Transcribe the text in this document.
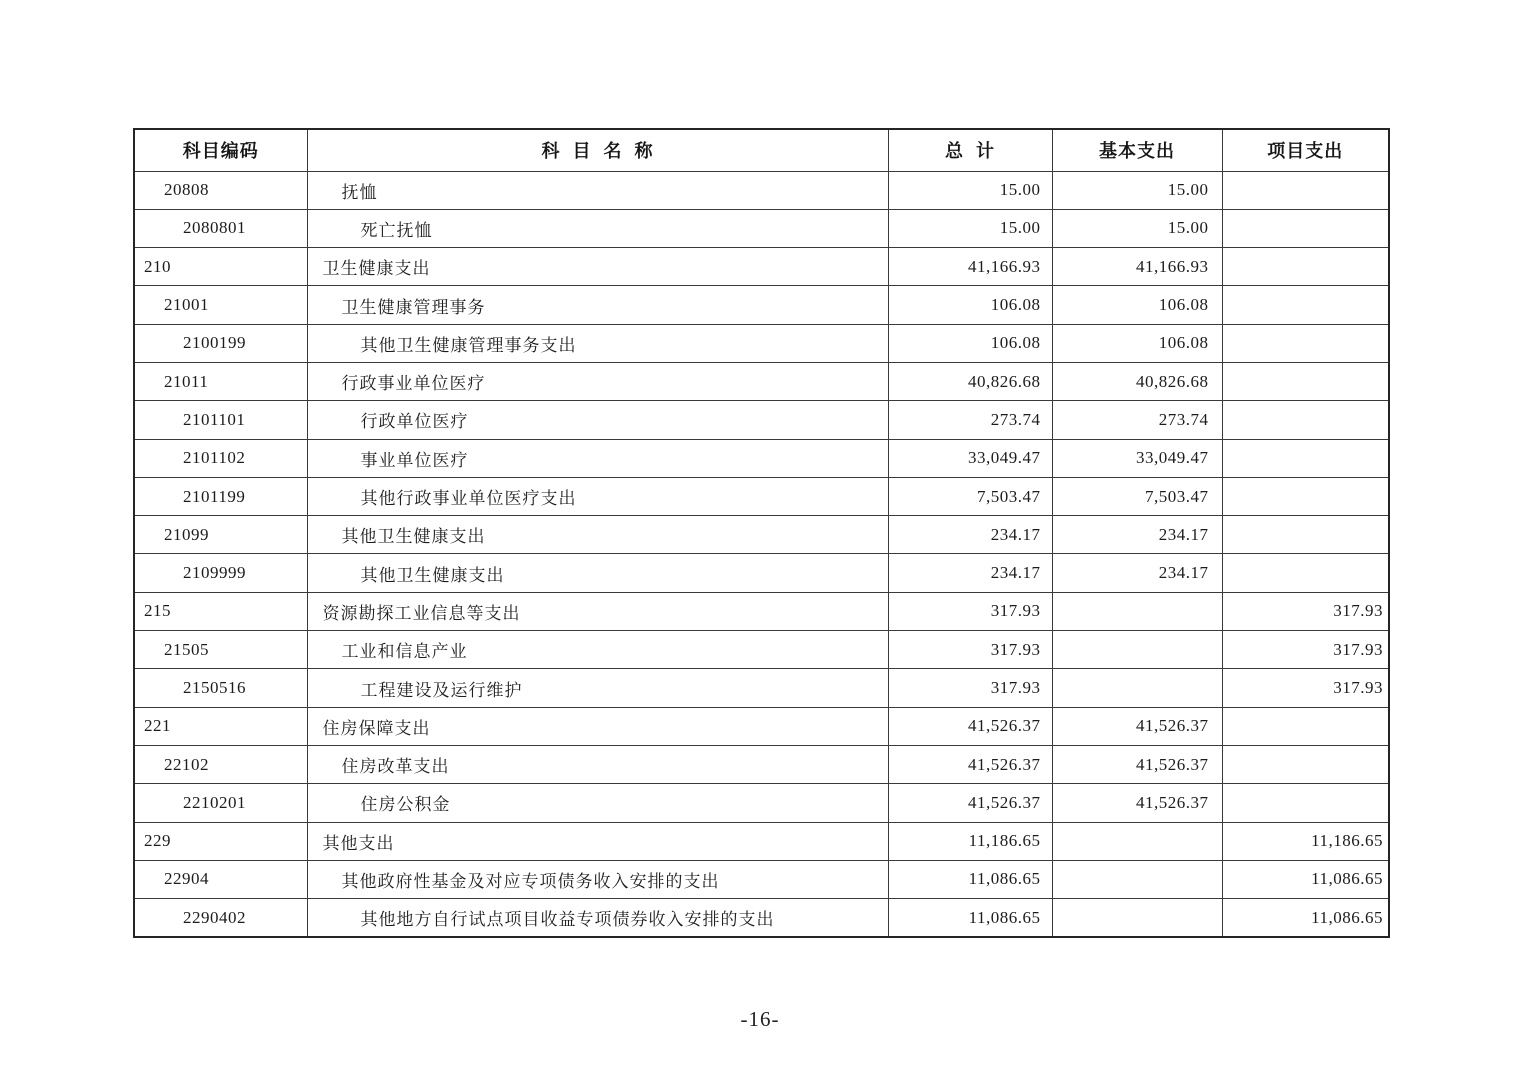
科目编码	科  目  名  称	总  计	基本支出	项目支出
20808	抚恤	15.00	15.00	
2080801	死亡抚恤	15.00	15.00	
210	卫生健康支出	41,166.93	41,166.93	
21001	卫生健康管理事务	106.08	106.08	
2100199	其他卫生健康管理事务支出	106.08	106.08	
21011	行政事业单位医疗	40,826.68	40,826.68	
2101101	行政单位医疗	273.74	273.74	
2101102	事业单位医疗	33,049.47	33,049.47	
2101199	其他行政事业单位医疗支出	7,503.47	7,503.47	
21099	其他卫生健康支出	234.17	234.17	
2109999	其他卫生健康支出	234.17	234.17	
215	资源勘探工业信息等支出	317.93		317.93
21505	工业和信息产业	317.93		317.93
2150516	工程建设及运行维护	317.93		317.93
221	住房保障支出	41,526.37	41,526.37	
22102	住房改革支出	41,526.37	41,526.37	
2210201	住房公积金	41,526.37	41,526.37	
229	其他支出	11,186.65		11,186.65
22904	其他政府性基金及对应专项债务收入安排的支出	11,086.65		11,086.65
2290402	其他地方自行试点项目收益专项债券收入安排的支出	11,086.65		11,086.65
-16-
